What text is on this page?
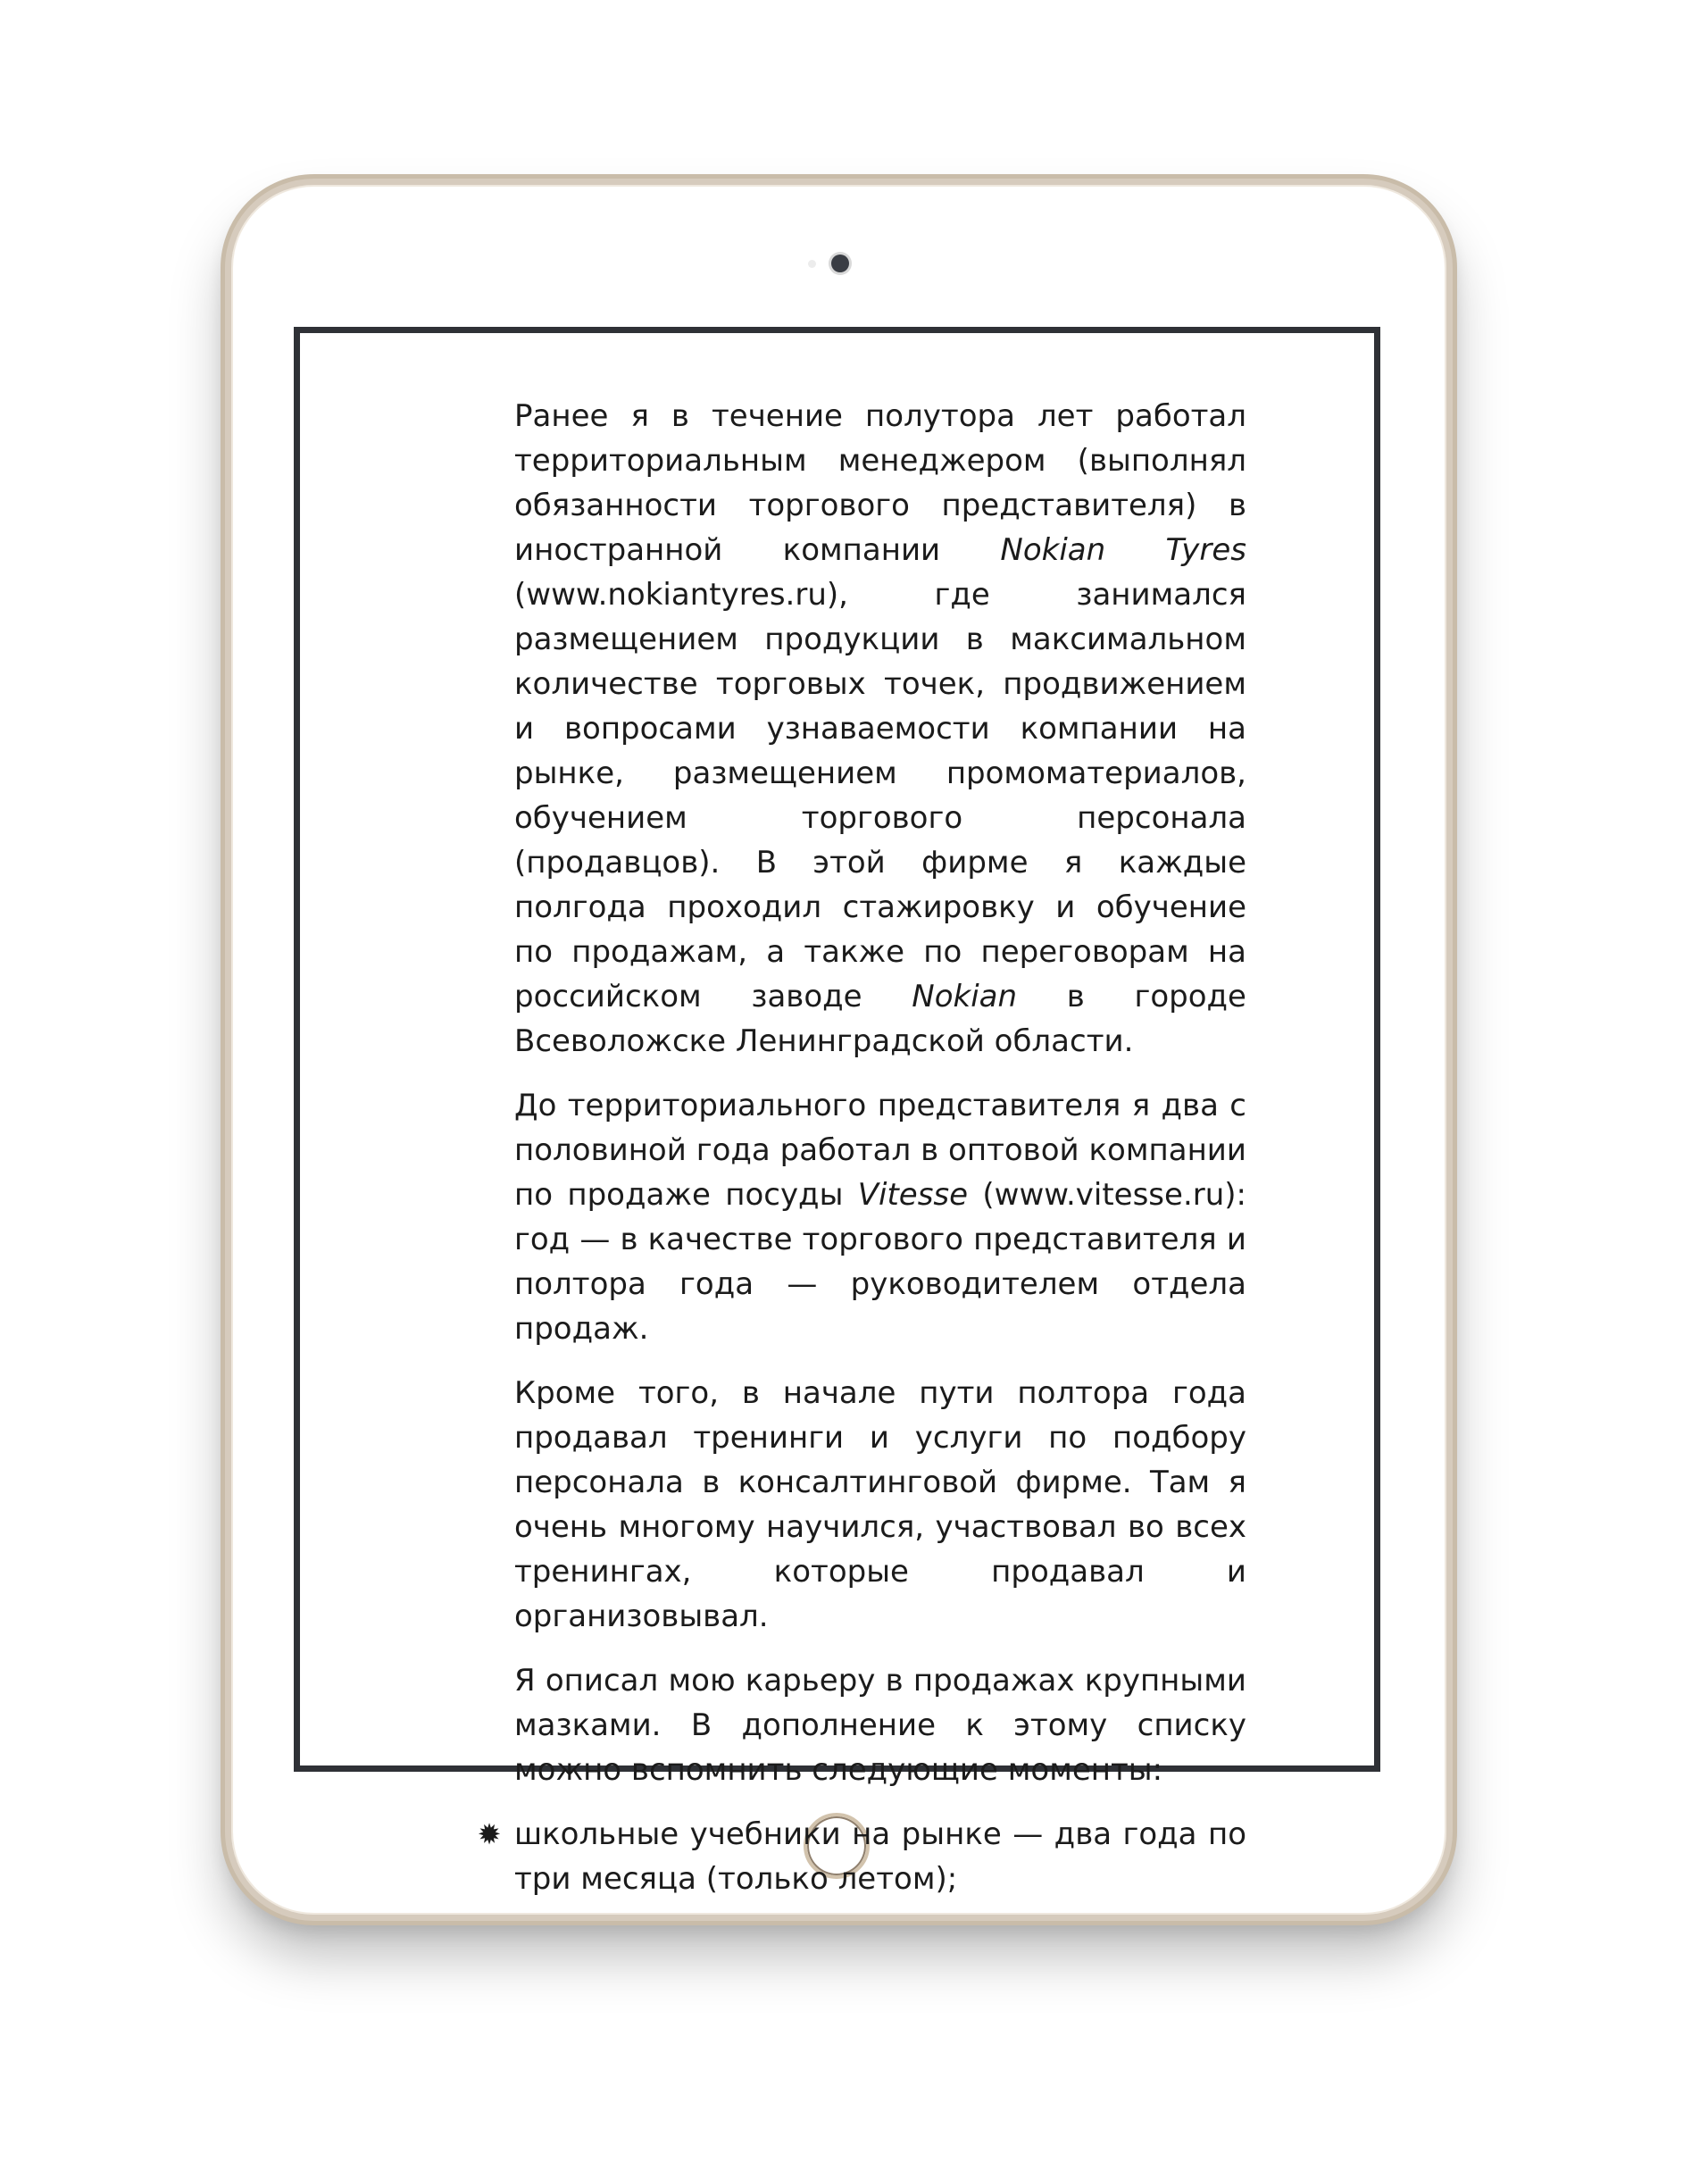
Ранее я в течение полутора лет работал территориальным менеджером (выполнял обязанности торгового представителя) в иностранной компании Nokian Tyres (www.nokiantyres.ru), где занимался размещением продукции в максимальном количестве торговых точек, продвижением и вопросами узнаваемости компании на рынке, размещением промоматериалов, обучением торгового персонала (продавцов). В этой фирме я каждые полгода проходил стажировку и обучение по продажам, а также по переговорам на российском заводе Nokian в городе Всеволожске Ленинградской области.

До территориального представителя я два с половиной года работал в оптовой компании по продаже посуды Vitesse (www.vitesse.ru): год — в качестве торгового представителя и полтора года — руководителем отдела продаж.

Кроме того, в начале пути полтора года продавал тренинги и услуги по подбору персонала в консалтинговой фирме. Там я очень многому научился, участвовал во всех тренингах, которые продавал и организовывал.

Я описал мою карьеру в продажах крупными мазками. В дополнение к этому списку можно вспомнить следующие моменты:

✹ школьные учебники на рынке — два года по три месяца (только летом);
